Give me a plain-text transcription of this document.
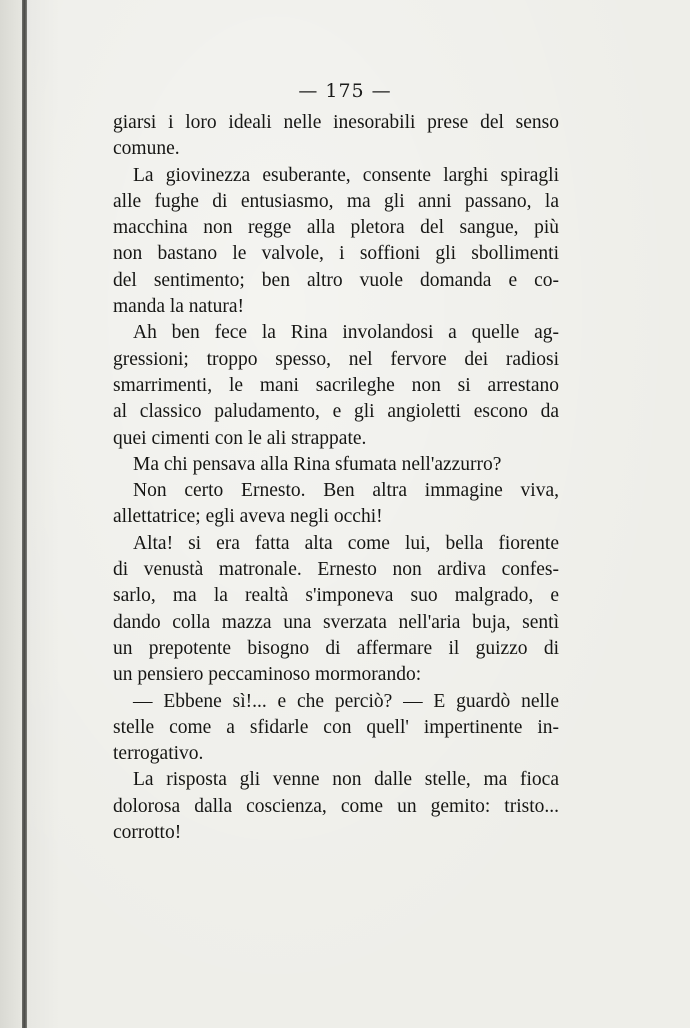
— 175 —
giarsi i loro ideali nelle inesorabili prese del senso
comune.
La giovinezza esuberante, consente larghi spiragli
alle fughe di entusiasmo, ma gli anni passano, la
macchina non regge alla pletora del sangue, più
non bastano le valvole, i soffioni gli sbollimenti
del sentimento; ben altro vuole domanda e co-
manda la natura!
Ah ben fece la Rina involandosi a quelle ag-
gressioni; troppo spesso, nel fervore dei radiosi
smarrimenti, le mani sacrileghe non si arrestano
al classico paludamento, e gli angioletti escono da
quei cimenti con le ali strappate.
Ma chi pensava alla Rina sfumata nell'azzurro?
Non certo Ernesto. Ben altra immagine viva,
allettatrice; egli aveva negli occhi!
Alta! si era fatta alta come lui, bella fiorente
di venustà matronale. Ernesto non ardiva confes-
sarlo, ma la realtà s'imponeva suo malgrado, e
dando colla mazza una sverzata nell'aria buja, sentì
un prepotente bisogno di affermare il guizzo di
un pensiero peccaminoso mormorando:
— Ebbene sì!... e che perciò? — E guardò nelle
stelle come a sfidarle con quell' impertinente in-
terrogativo.
La risposta gli venne non dalle stelle, ma fioca
dolorosa dalla coscienza, come un gemito: tristo...
corrotto!
